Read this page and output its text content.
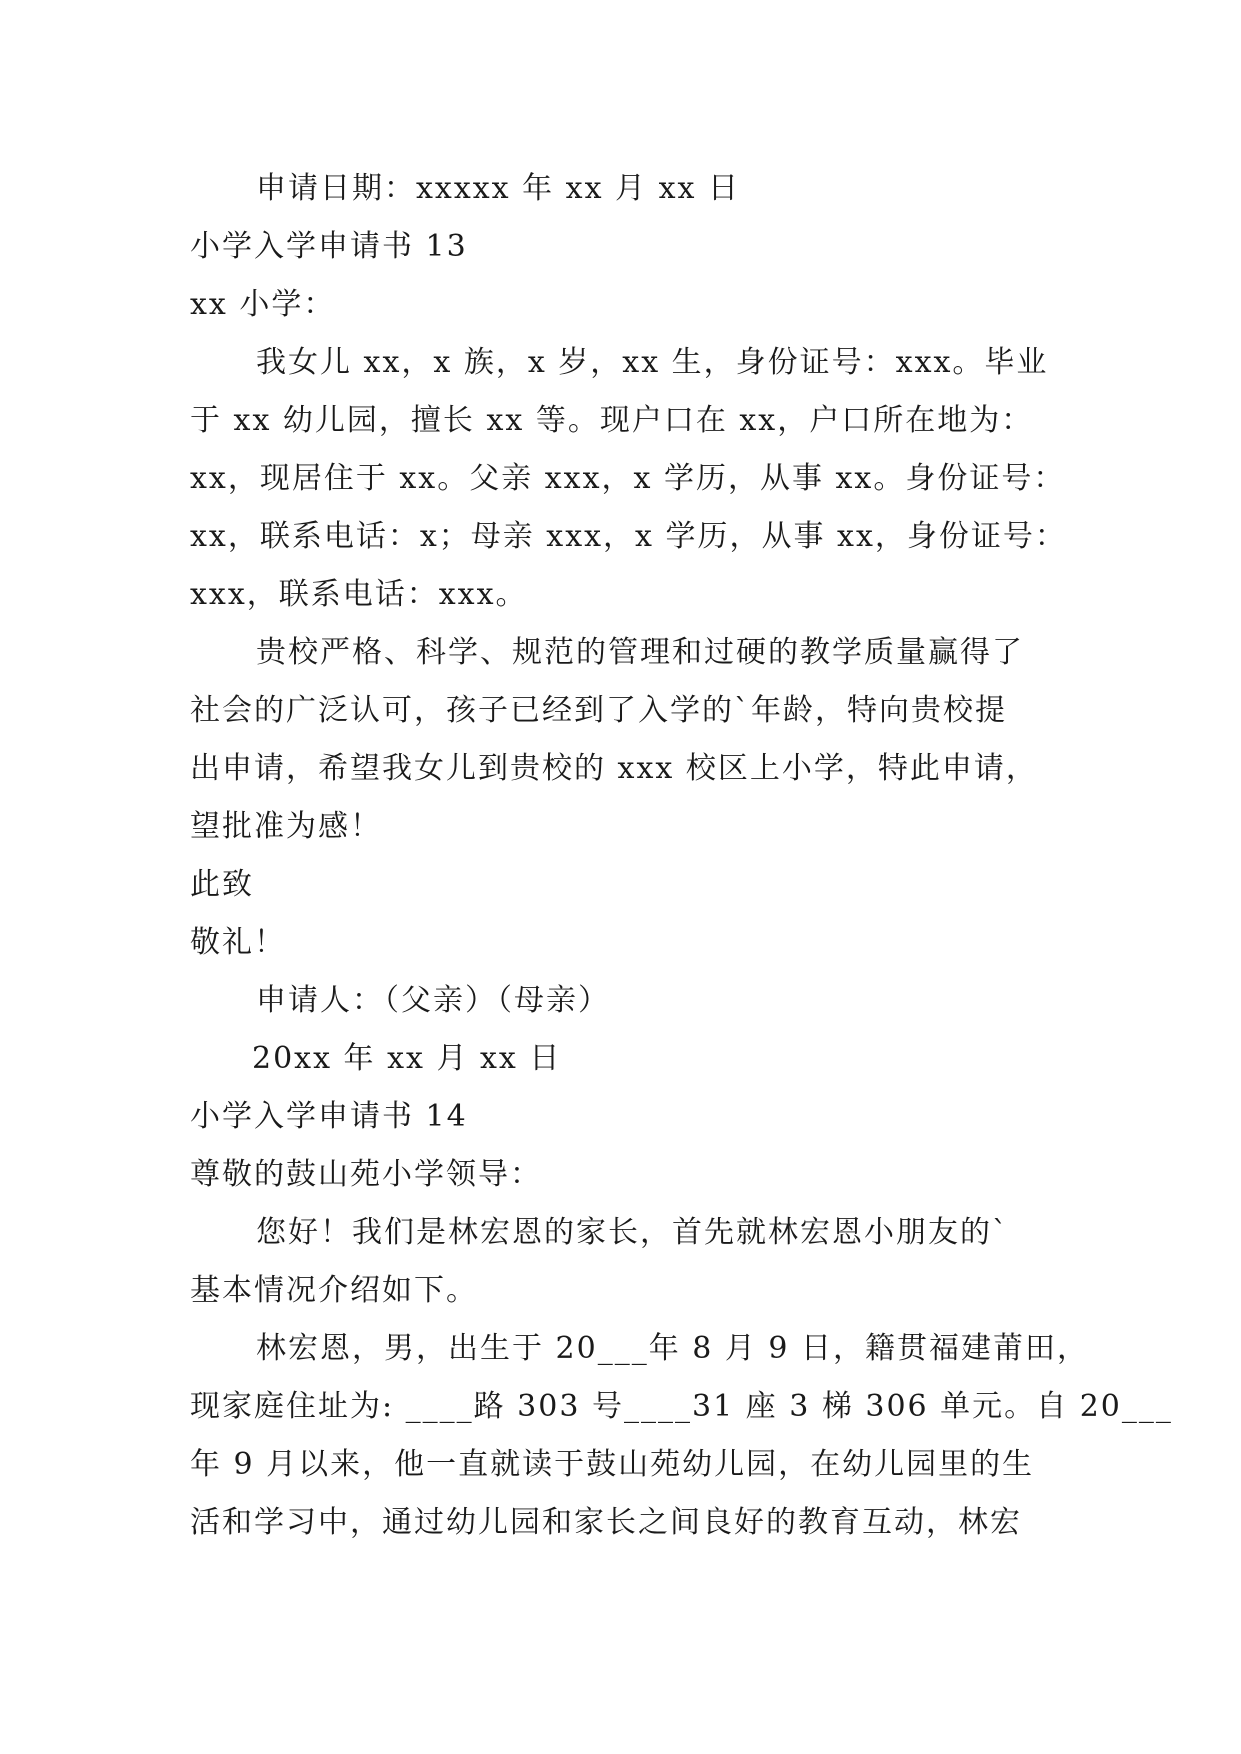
申请日期：xxxxx 年 xx 月 xx 日
小学入学申请书 13
xx 小学：
我女儿 xx，x 族，x 岁，xx 生，身份证号：xxx。毕业
于 xx 幼儿园，擅长 xx 等。现户口在 xx，户口所在地为：
xx，现居住于 xx。父亲 xxx，x 学历，从事 xx。身份证号：
xx，联系电话：x；母亲 xxx，x 学历，从事 xx，身份证号：
xxx，联系电话：xxx。
贵校严格、科学、规范的管理和过硬的教学质量赢得了
社会的广泛认可，孩子已经到了入学的`年龄，特向贵校提
出申请，希望我女儿到贵校的 xxx 校区上小学，特此申请，
望批准为感！
此致
敬礼！
申请人：（父亲）（母亲）
20xx 年 xx 月 xx 日
小学入学申请书 14
尊敬的鼓山苑小学领导：
您好！我们是林宏恩的家长，首先就林宏恩小朋友的`
基本情况介绍如下。
林宏恩，男，出生于 20___年 8 月 9 日，籍贯福建莆田，
现家庭住址为: ____路 303 号____31 座 3 梯 306 单元。自 20___
年 9 月以来，他一直就读于鼓山苑幼儿园，在幼儿园里的生
活和学习中，通过幼儿园和家长之间良好的教育互动，林宏
